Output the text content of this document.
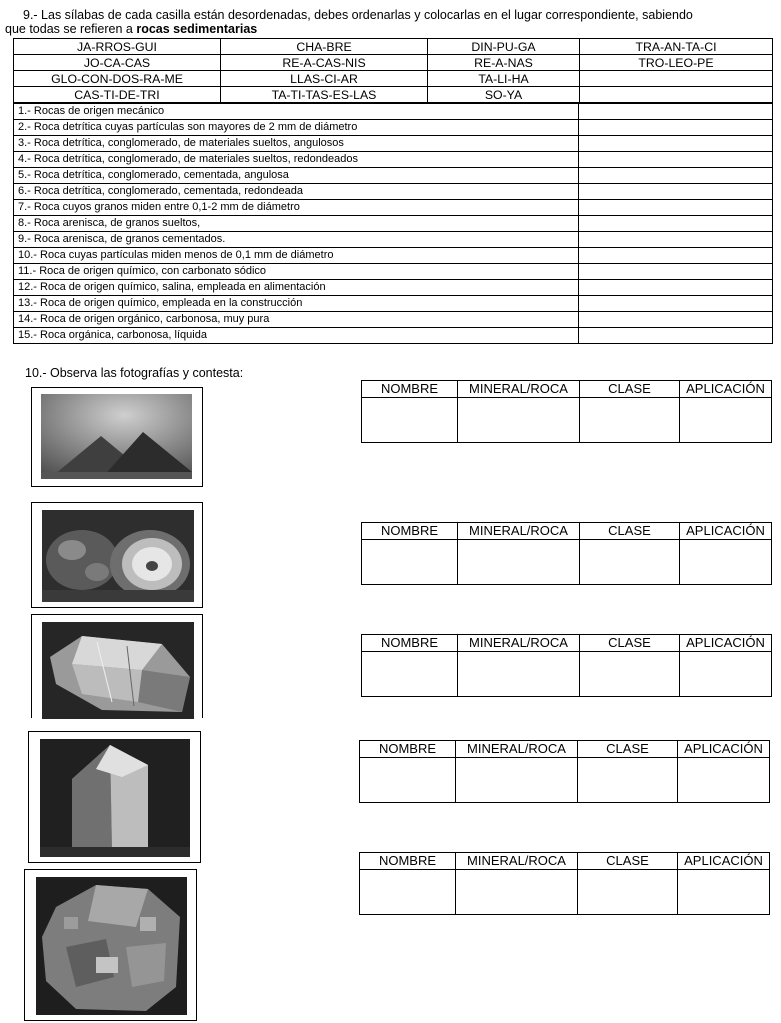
9.- Las sílabas de cada casilla están desordenadas, debes ordenarlas y colocarlas en el lugar correspondiente, sabiendo
que todas se refieren a rocas sedimentarias
JA-RROS-GUI	CHA-BRE	DIN-PU-GA	TRA-AN-TA-CI
JO-CA-CAS	RE-A-CAS-NIS	RE-A-NAS	TRO-LEO-PE
GLO-CON-DOS-RA-ME	LLAS-CI-AR	TA-LI-HA	
CAS-TI-DE-TRI	TA-TI-TAS-ES-LAS	SO-YA	
1.- Rocas de origen mecánico	
2.- Roca detrítica cuyas partículas son mayores de 2 mm de diámetro	
3.- Roca detrítica, conglomerado, de materiales sueltos, angulosos	
4.- Roca detrítica, conglomerado, de materiales sueltos, redondeados	
5.- Roca detrítica, conglomerado, cementada, angulosa	
6.- Roca detrítica, conglomerado, cementada, redondeada	
7.- Roca cuyos granos miden entre 0,1-2 mm de diámetro	
8.- Roca arenisca, de granos sueltos,	
9.- Roca arenisca, de granos cementados.	
10.- Roca cuyas partículas miden menos de 0,1 mm de diámetro	
11.- Roca de origen químico, con carbonato sódico	
12.- Roca de origen químico, salina, empleada en alimentación	
13.- Roca de origen químico, empleada en la construcción	
14.- Roca de origen orgánico, carbonosa, muy pura	
15.- Roca orgánica, carbonosa, líquida	
10.- Observa las fotografías y contesta:
NOMBRE	MINERAL/ROCA	CLASE	APLICACIÓN

NOMBRE	MINERAL/ROCA	CLASE	APLICACIÓN

NOMBRE	MINERAL/ROCA	CLASE	APLICACIÓN

NOMBRE	MINERAL/ROCA	CLASE	APLICACIÓN

NOMBRE	MINERAL/ROCA	CLASE	APLICACIÓN
